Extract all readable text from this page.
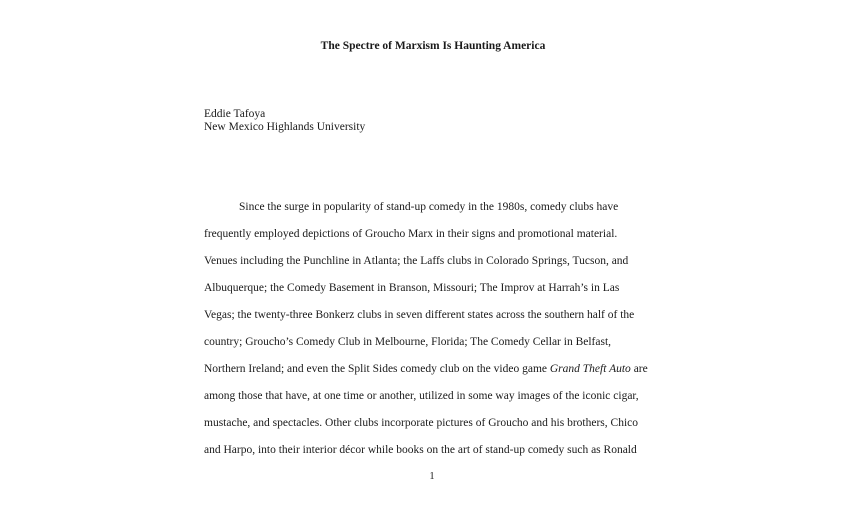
The Spectre of Marxism Is Haunting America
Eddie Tafoya
New Mexico Highlands University
Since the surge in popularity of stand-up comedy in the 1980s, comedy clubs have
frequently employed depictions of Groucho Marx in their signs and promotional material.
Venues including the Punchline in Atlanta; the Laffs clubs in Colorado Springs, Tucson, and
Albuquerque; the Comedy Basement in Branson, Missouri; The Improv at Harrah’s in Las
Vegas; the twenty-three Bonkerz clubs in seven different states across the southern half of the
country; Groucho’s Comedy Club in Melbourne, Florida; The Comedy Cellar in Belfast,
Northern Ireland; and even the Split Sides comedy club on the video game Grand Theft Auto are
among those that have, at one time or another, utilized in some way images of the iconic cigar,
mustache, and spectacles. Other clubs incorporate pictures of Groucho and his brothers, Chico
and Harpo, into their interior décor while books on the art of stand-up comedy such as Ronald
1
